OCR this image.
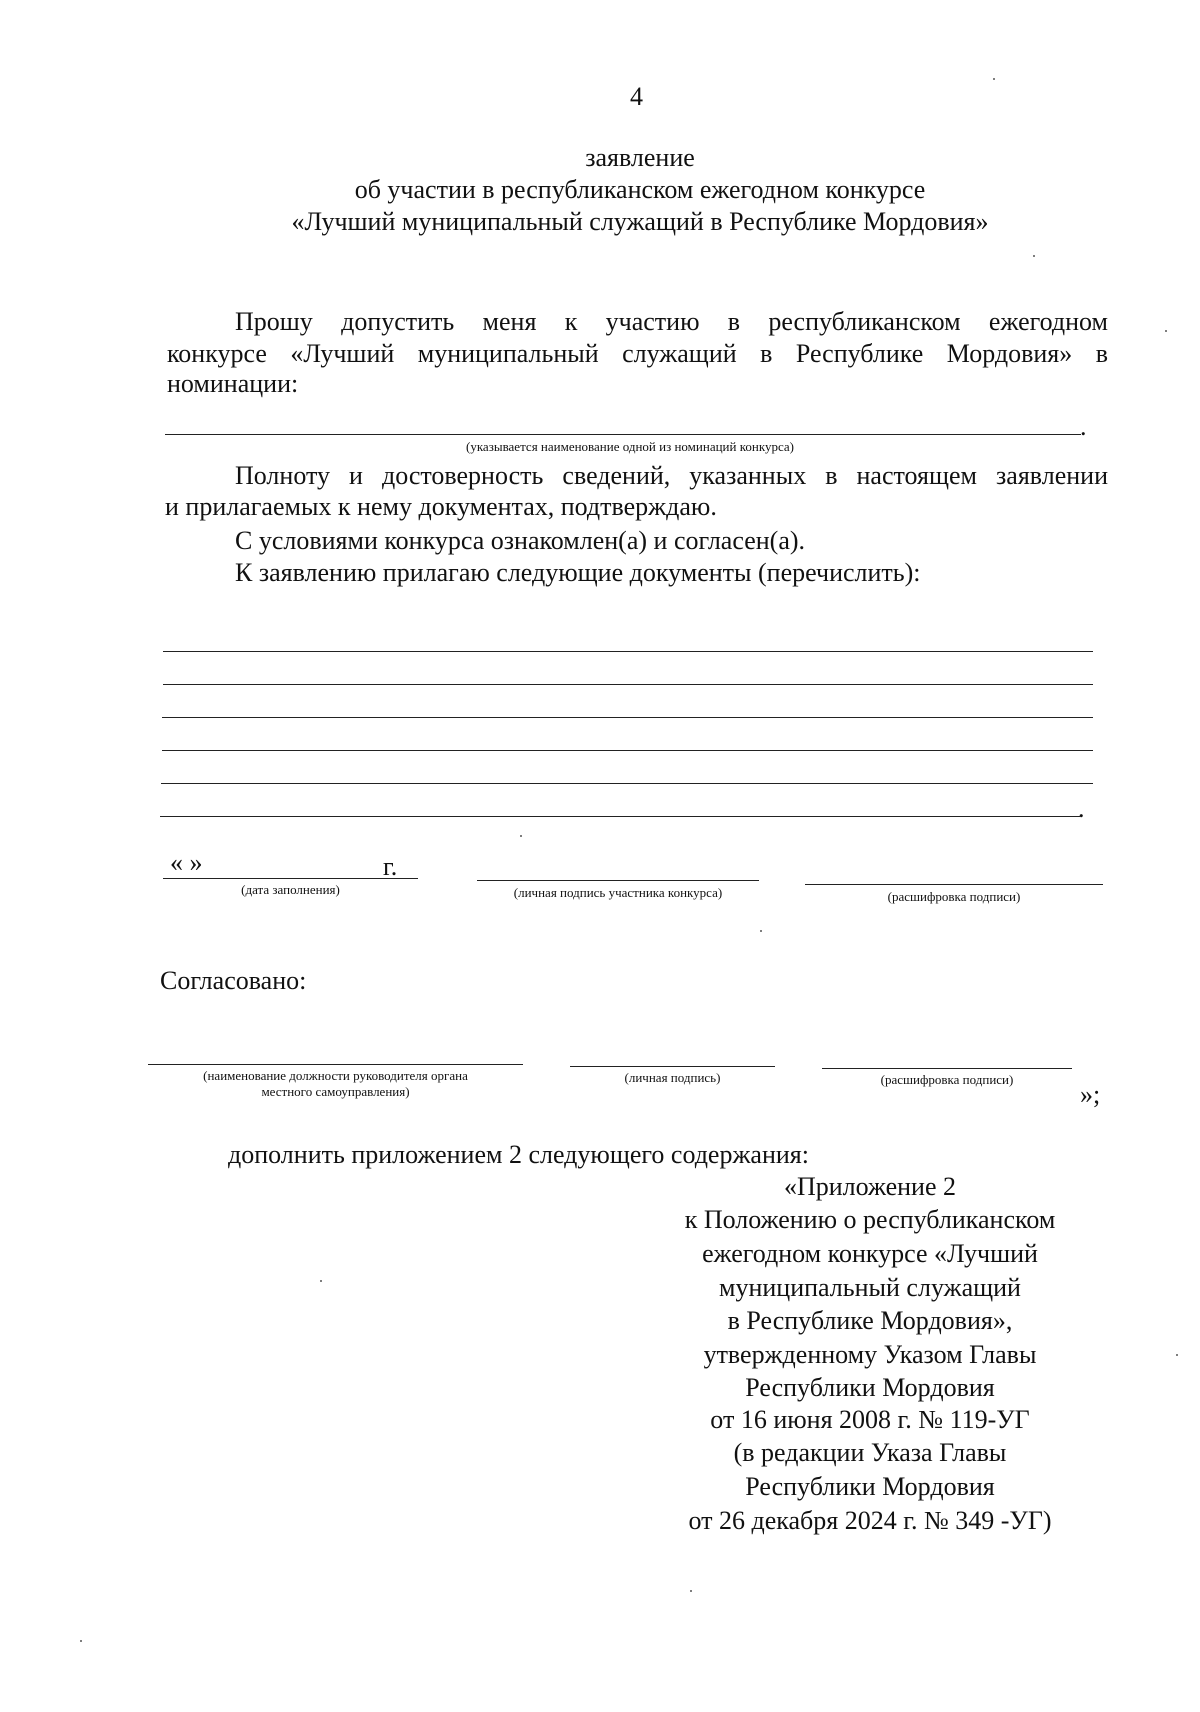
4
заявление
об участии в республиканском ежегодном конкурсе
«Лучший муниципальный служащий в Республике Мордовия»
Прошу допустить меня к участию в республиканском ежегодном
конкурсе «Лучший муниципальный служащий в Республике Мордовия» в
номинации:
.
(указывается наименование одной из номинаций конкурса)
Полноту и достоверность сведений, указанных в настоящем заявлении
и прилагаемых к нему документах, подтверждаю.
С условиями конкурса ознакомлен(а) и согласен(а).
К заявлению прилагаю следующие документы (перечислить):
.
« »	г.
(дата заполнения)	(личная подпись участника конкурса)	(расшифровка подписи)
Согласовано:
(наименование должности руководителя органа
местного самоуправления)
(личная подпись)	(расшифровка подписи)
»;
дополнить приложением 2 следующего содержания:
«Приложение 2
к Положению о республиканском
ежегодном конкурсе «Лучший
муниципальный служащий
в Республике Мордовия»,
утвержденному Указом Главы
Республики Мордовия
от 16 июня 2008 г. № 119-УГ
(в редакции Указа Главы
Республики Мордовия
от 26 декабря 2024 г. № 349 -УГ)
